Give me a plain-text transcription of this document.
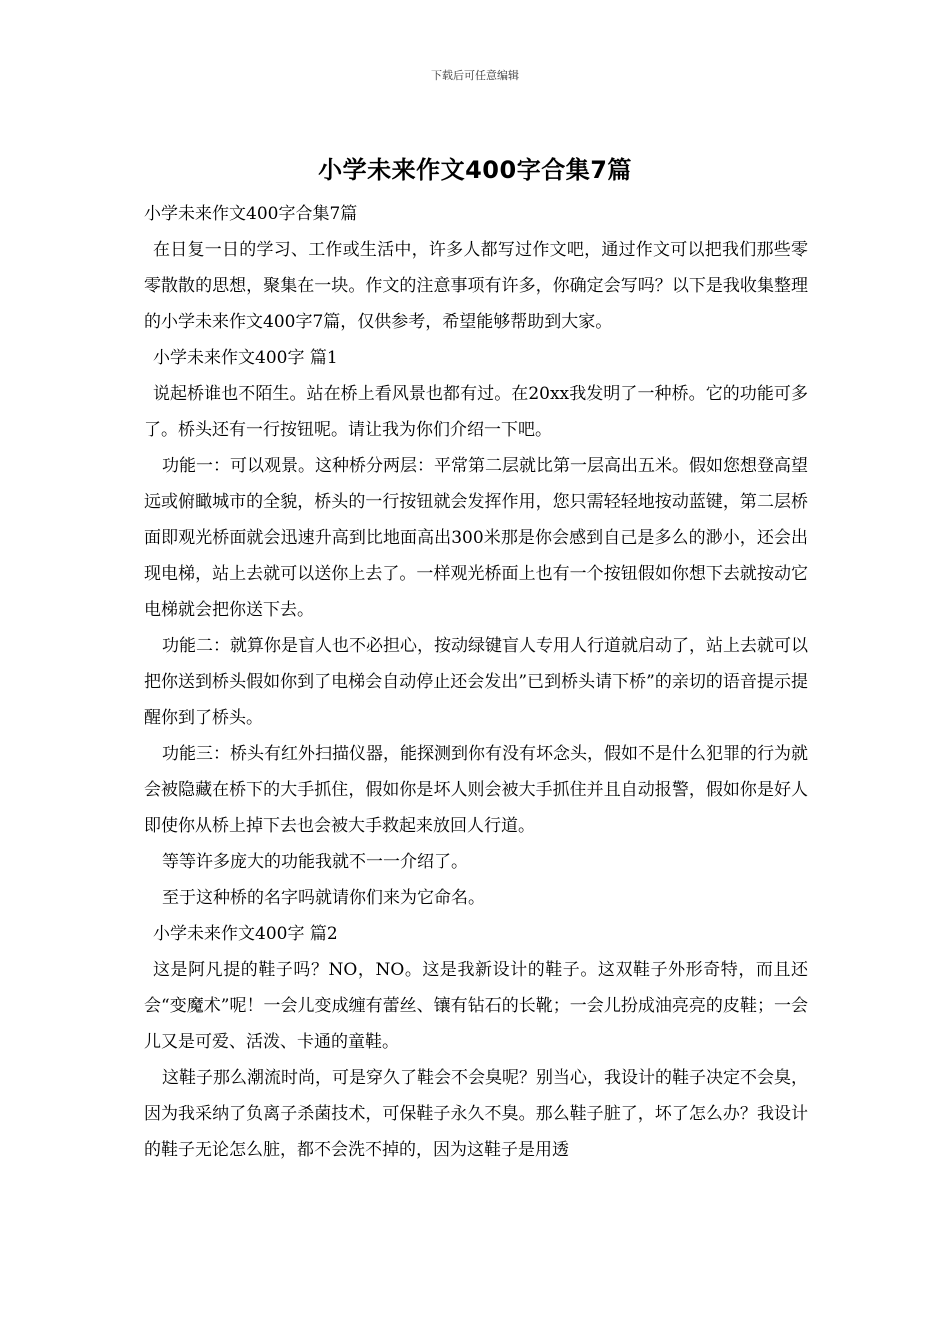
下载后可任意编辑
小学未来作文400字合集7篇

小学未来作文400字合集7篇

在日复一日的学习、工作或生活中，许多人都写过作文吧，通过作文可以把我们那些零零散散的思想，聚集在一块。作文的注意事项有许多，你确定会写吗？以下是我收集整理的小学未来作文400字7篇，仅供参考，希望能够帮助到大家。

小学未来作文400字 篇1

说起桥谁也不陌生。站在桥上看风景也都有过。在20xx我发明了一种桥。它的功能可多了。桥头还有一行按钮呢。请让我为你们介绍一下吧。

功能一：可以观景。这种桥分两层：平常第二层就比第一层高出五米。假如您想登高望远或俯瞰城市的全貌，桥头的一行按钮就会发挥作用，您只需轻轻地按动蓝键，第二层桥面即观光桥面就会迅速升高到比地面高出300米那是你会感到自己是多么的渺小，还会出现电梯，站上去就可以送你上去了。一样观光桥面上也有一个按钮假如你想下去就按动它电梯就会把你送下去。

功能二：就算你是盲人也不必担心，按动绿键盲人专用人行道就启动了，站上去就可以把你送到桥头假如你到了电梯会自动停止还会发出”已到桥头请下桥”的亲切的语音提示提醒你到了桥头。

功能三：桥头有红外扫描仪器，能探测到你有没有坏念头，假如不是什么犯罪的行为就会被隐藏在桥下的大手抓住，假如你是坏人则会被大手抓住并且自动报警，假如你是好人即使你从桥上掉下去也会被大手救起来放回人行道。

等等许多庞大的功能我就不一一介绍了。

至于这种桥的名字吗就请你们来为它命名。

小学未来作文400字 篇2

这是阿凡提的鞋子吗？NO，NO。这是我新设计的鞋子。这双鞋子外形奇特，而且还会“变魔术”呢！一会儿变成缠有蕾丝、镶有钻石的长靴；一会儿扮成油亮亮的皮鞋；一会儿又是可爱、活泼、卡通的童鞋。

这鞋子那么潮流时尚，可是穿久了鞋会不会臭呢？别当心，我设计的鞋子决定不会臭，因为我采纳了负离子杀菌技术，可保鞋子永久不臭。那么鞋子脏了，坏了怎么办？我设计的鞋子无论怎么脏，都不会洗不掉的，因为这鞋子是用透
